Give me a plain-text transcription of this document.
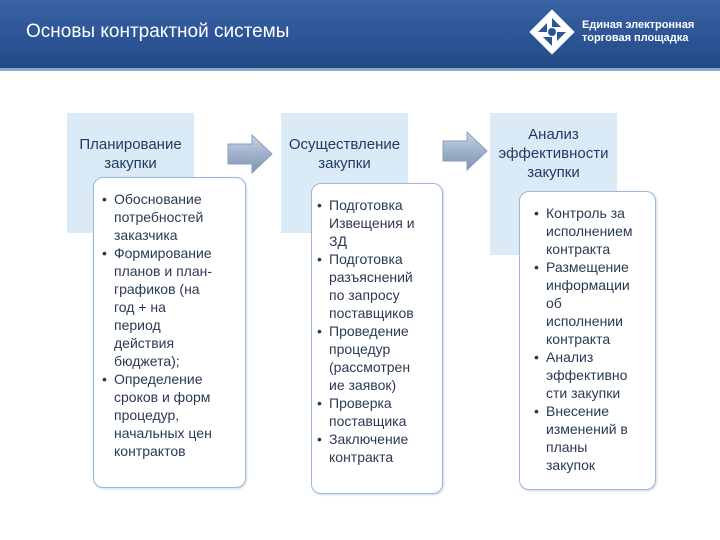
Основы контрактной системы	Единая электронная
торговая площадка
Планирование
закупки
• Обоснование
потребностей
заказчика
• Формирование
планов и план-
графиков (на
год + на
период
действия
бюджета);
• Определение
сроков и форм
процедур,
начальных цен
контрактов
Осуществление
закупки
• Подготовка
Извещения и
ЗД
• Подготовка
разъяснений
по запросу
поставщиков
• Проведение
процедур
(рассмотрен
ие заявок)
• Проверка
поставщика
• Заключение
контракта
Анализ
эффективности
закупки
• Контроль за
исполнением
контракта
• Размещение
информации
об
исполнении
контракта
• Анализ
эффективно
сти закупки
• Внесение
изменений в
планы
закупок
